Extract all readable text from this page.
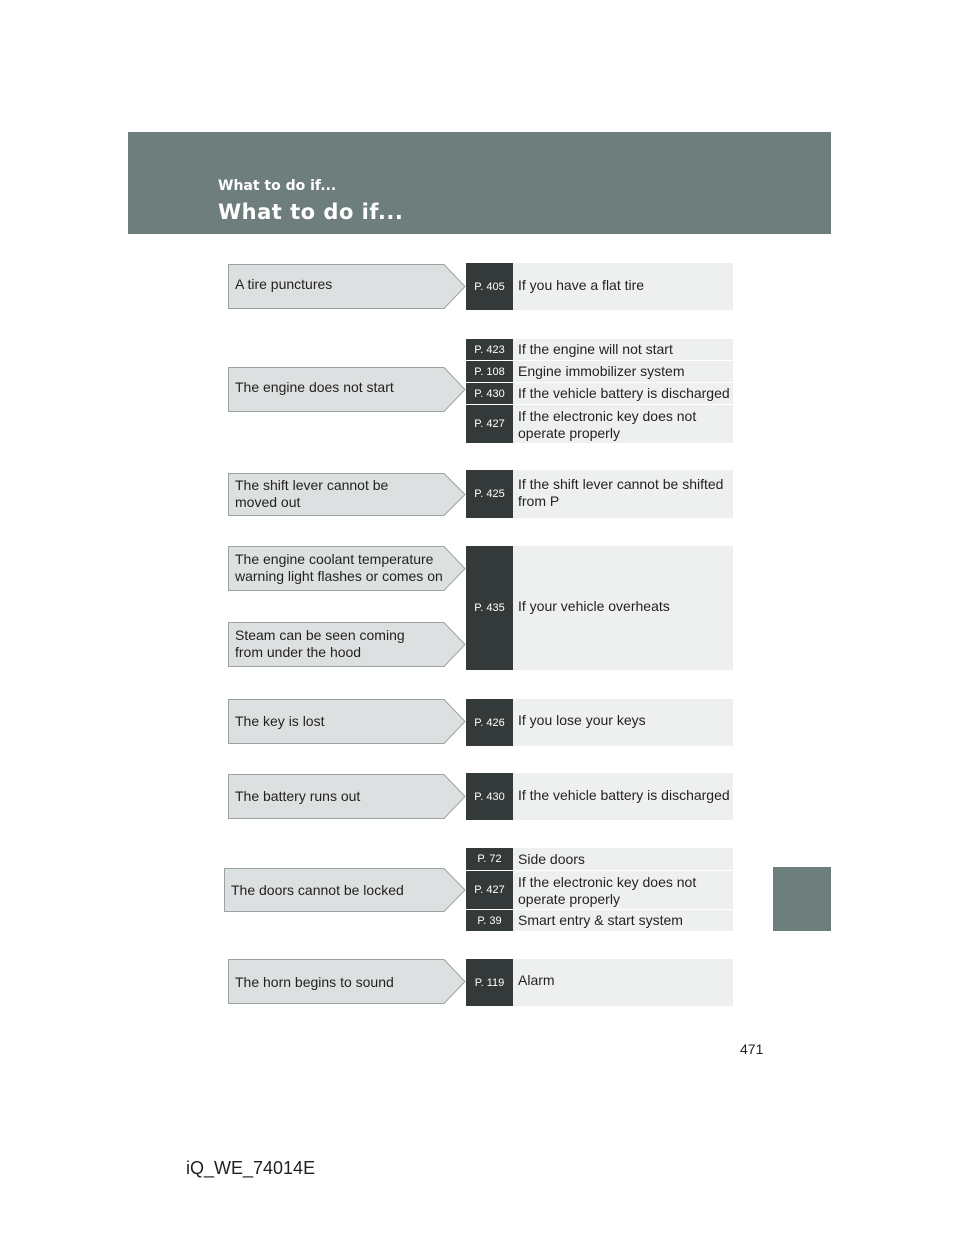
What to do if...
What to do if...
A tire punctures
The engine does not start
The shift lever cannot be moved out
The engine coolant temperature warning light flashes or comes on
Steam can be seen coming from under the hood
The key is lost
The battery runs out
The doors cannot be locked
The horn begins to sound
P. 405 If you have a flat tire
P. 423 If the engine will not start
P. 108 Engine immobilizer system
P. 430 If the vehicle battery is discharged
P. 427 If the electronic key does not operate properly
P. 425
If the shift lever cannot be shifted from P
P. 435 If your vehicle overheats
P. 426 If you lose your keys
P. 430 If the vehicle battery is discharged
P. 72	Side doors
P. 427 If the electronic key does not operate properly
P. 39	Smart entry & start system
P. 119 Alarm
471
iQ_WE_74014E
